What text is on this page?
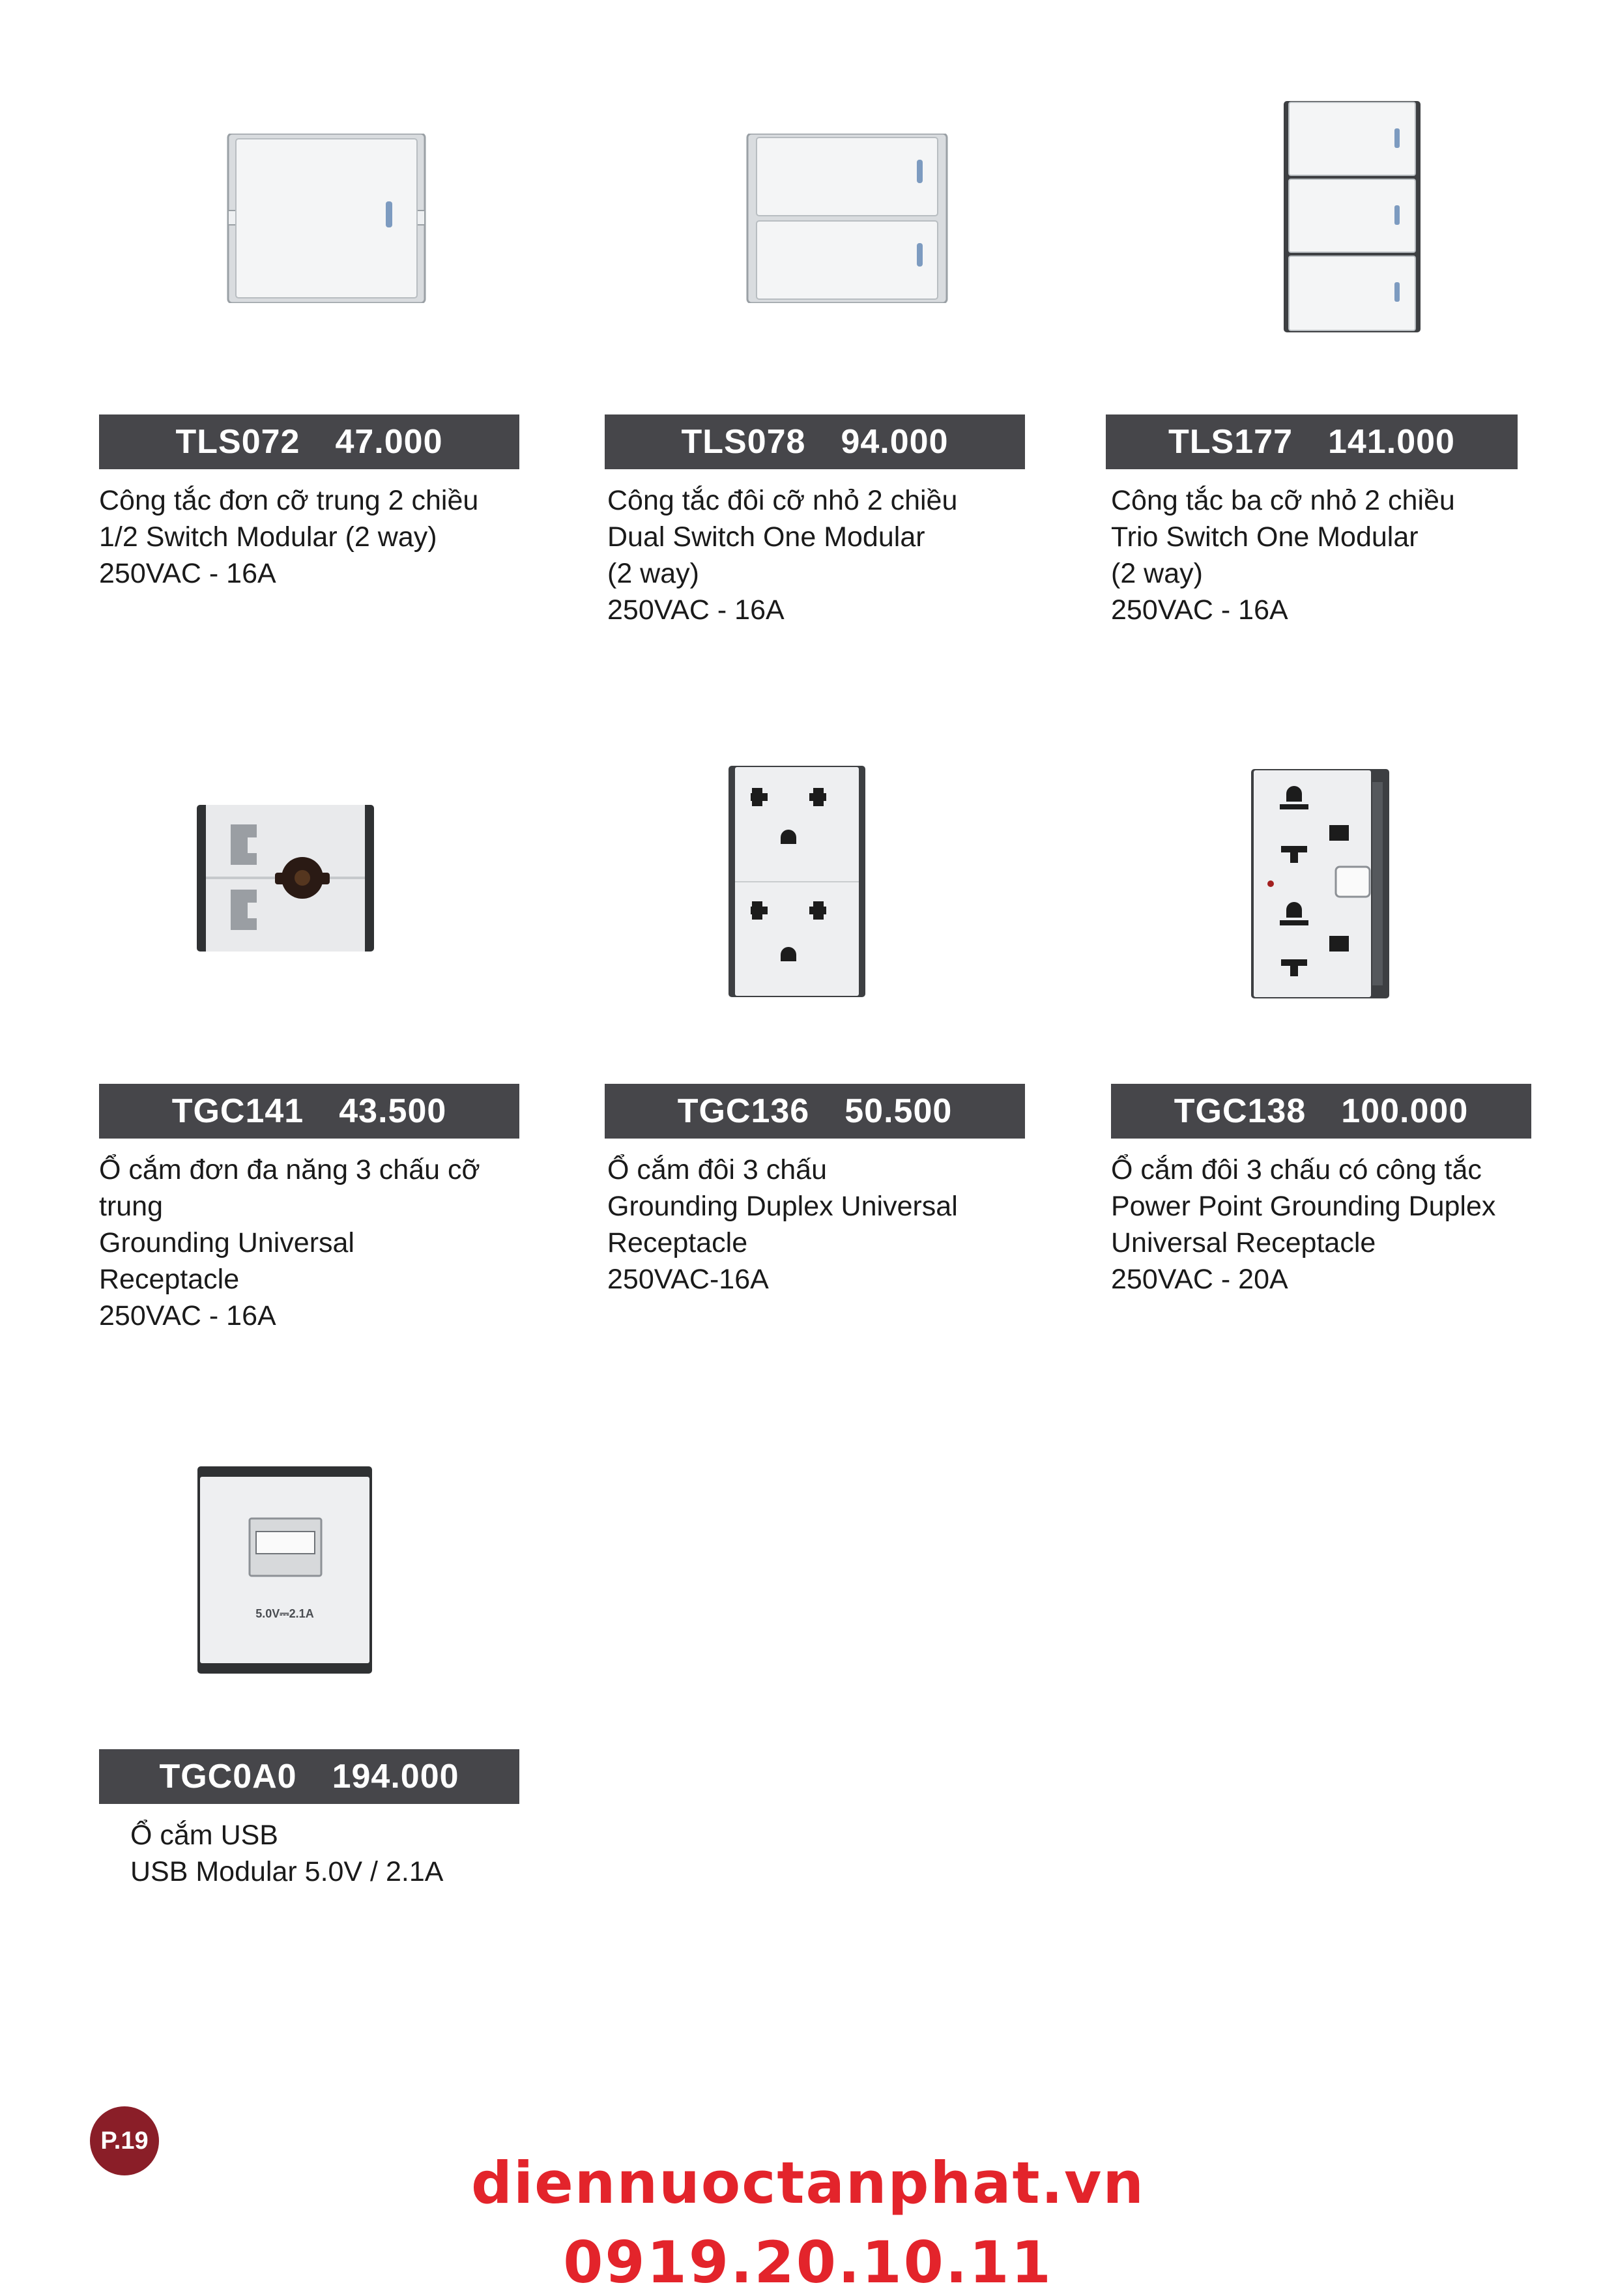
TLS072 47.000
Công tắc đơn cỡ trung 2 chiều
1/2 Switch Modular (2 way)
250VAC - 16A
TLS078 94.000
Công tắc đôi cỡ nhỏ 2 chiều
Dual Switch One Modular
(2 way)
250VAC - 16A
TLS177 141.000
Công tắc ba cỡ nhỏ 2 chiều
Trio Switch One Modular
(2 way)
250VAC - 16A
TGC141 43.500
Ổ cắm đơn đa năng 3 chấu cỡ
trung
Grounding Universal
Receptacle
250VAC - 16A
TGC136 50.500
Ổ cắm đôi 3 chấu
Grounding Duplex Universal
Receptacle
250VAC-16A
TGC138 100.000
Ổ cắm đôi 3 chấu có công tắc
Power Point Grounding Duplex
Universal Receptacle
250VAC - 20A
5.0V⎓2.1A
TGC0A0 194.000
Ổ cắm USB
USB Modular 5.0V / 2.1A
P.19
diennuoctanphat.vn
0919.20.10.11
